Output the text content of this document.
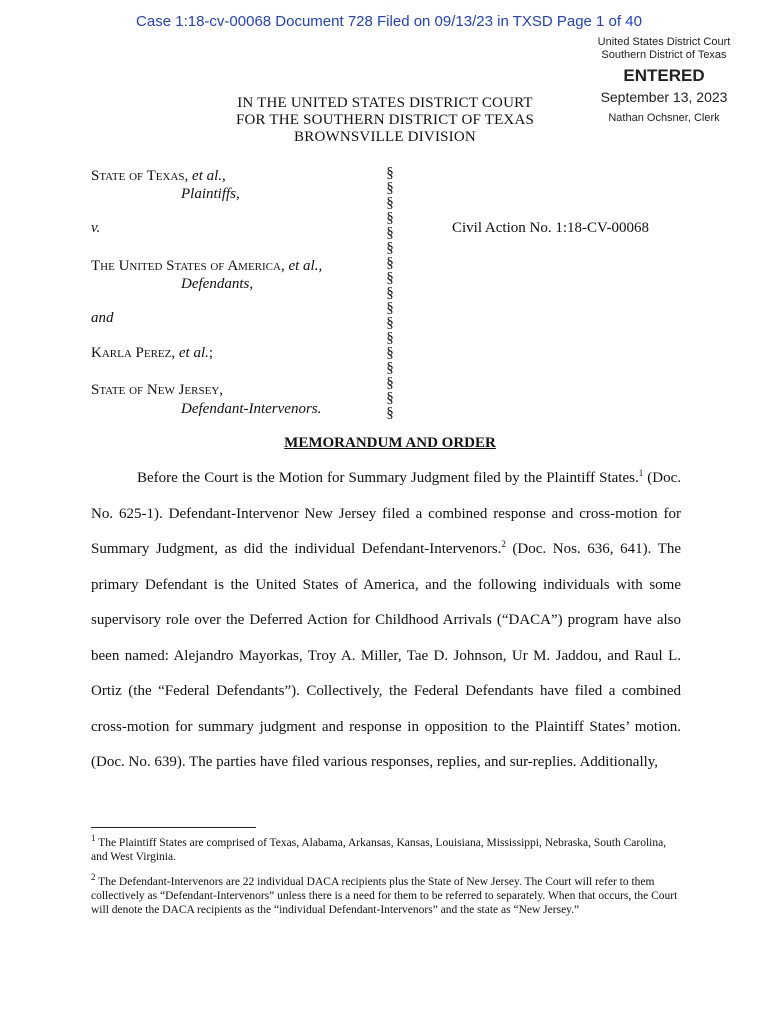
Case 1:18-cv-00068 Document 728 Filed on 09/13/23 in TXSD Page 1 of 40
United States District Court
Southern District of Texas
ENTERED
September 13, 2023
Nathan Ochsner, Clerk
IN THE UNITED STATES DISTRICT COURT
FOR THE SOUTHERN DISTRICT OF TEXAS
BROWNSVILLE DIVISION
State of Texas, et al.,
Plaintiffs,
v.
The United States of America, et al.,
Defendants,
and
Karla Perez, et al.;
State of New Jersey,
Defendant-Intervenors.
§
§
§
§
§
§
§
§
§
§
§
§
§
§
§
§
§
Civil Action No. 1:18-CV-00068
MEMORANDUM AND ORDER
Before the Court is the Motion for Summary Judgment filed by the Plaintiff States.$^1$ (Doc. No. 625-1). Defendant-Intervenor New Jersey filed a combined response and cross-motion for Summary Judgment, as did the individual Defendant-Intervenors.$^2$ (Doc. Nos. 636, 641). The primary Defendant is the United States of America, and the following individuals with some supervisory role over the Deferred Action for Childhood Arrivals (“DACA”) program have also been named: Alejandro Mayorkas, Troy A. Miller, Tae D. Johnson, Ur M. Jaddou, and Raul L. Ortiz (the “Federal Defendants”). Collectively, the Federal Defendants have filed a combined cross-motion for summary judgment and response in opposition to the Plaintiff States’ motion. (Doc. No. 639). The parties have filed various responses, replies, and sur-replies. Additionally,
$^1$ The Plaintiff States are comprised of Texas, Alabama, Arkansas, Kansas, Louisiana, Mississippi, Nebraska, South Carolina, and West Virginia.
$^2$ The Defendant-Intervenors are 22 individual DACA recipients plus the State of New Jersey. The Court will refer to them collectively as “Defendant-Intervenors” unless there is a need for them to be referred to separately. When that occurs, the Court will denote the DACA recipients as the “individual Defendant-Intervenors” and the state as “New Jersey.”
